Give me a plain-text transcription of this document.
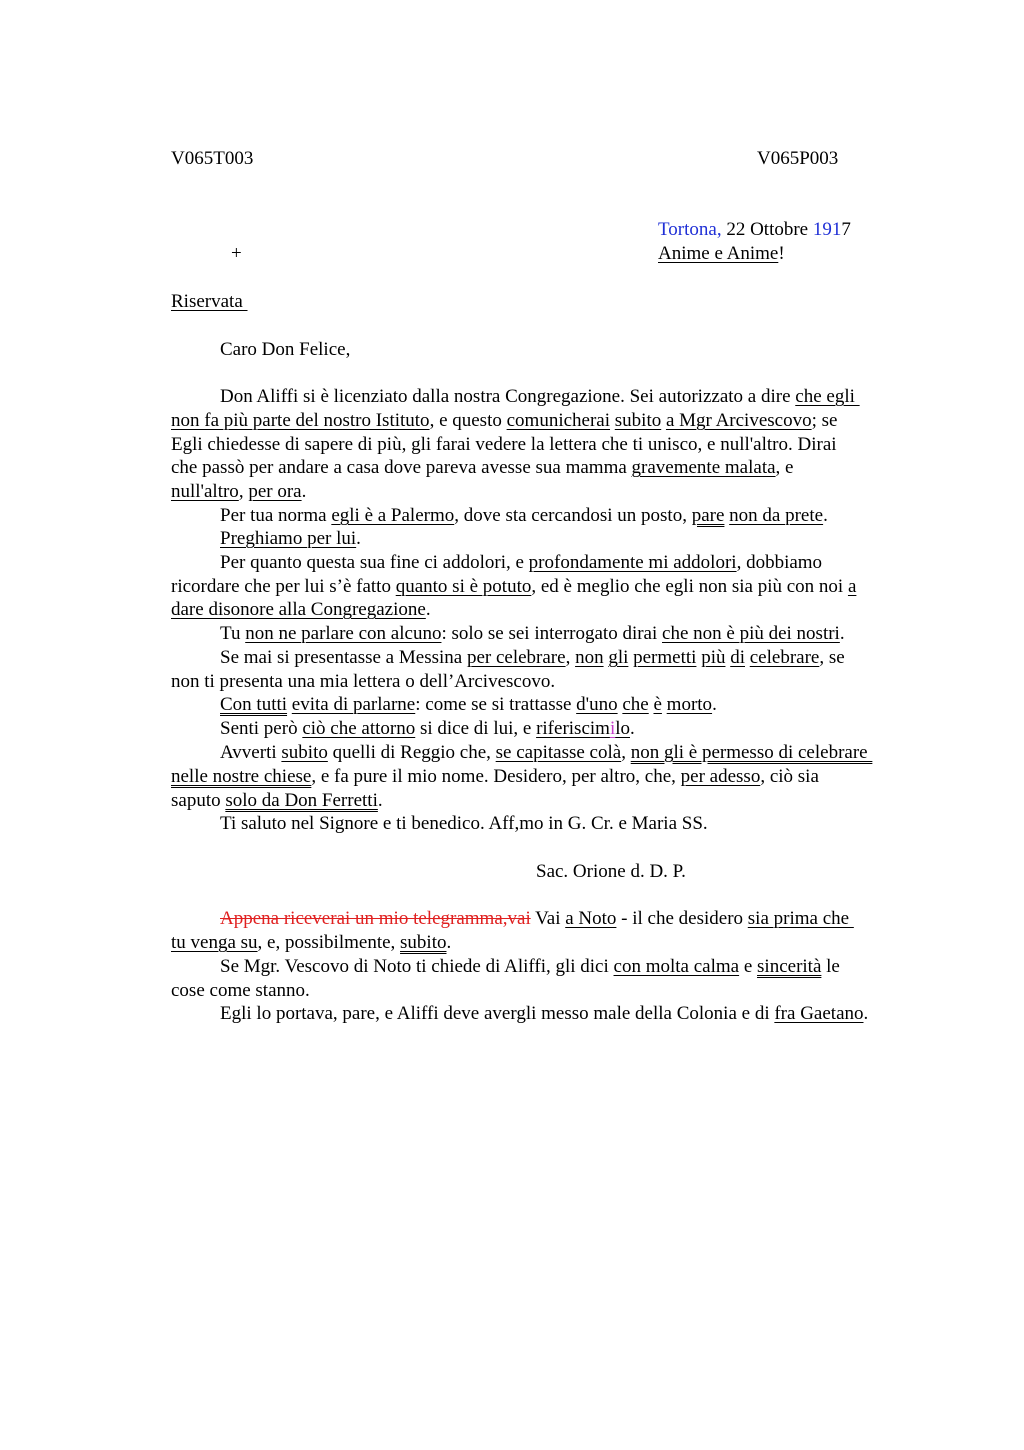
V065T003	V065P003
Tortona, 22 Ottobre 1917
+	Anime e Anime!
Riservata
Caro Don Felice,
Don Aliffi si è licenziato dalla nostra Congregazione. Sei autorizzato a dire che egli
non fa più parte del nostro Istituto, e questo comunicherai subito a Mgr Arcivescovo; se
Egli chiedesse di sapere di più, gli farai vedere la lettera che ti unisco, e null'altro. Dirai
che passò per andare a casa dove pareva avesse sua mamma gravemente malata, e
null'altro, per ora.
Per tua norma egli è a Palermo, dove sta cercandosi un posto, pare non da prete.
Preghiamo per lui.
Per quanto questa sua fine ci addolori, e profondamente mi addolori, dobbiamo
ricordare che per lui s’è fatto quanto si è potuto, ed è meglio che egli non sia più con noi a
dare disonore alla Congregazione.
Tu non ne parlare con alcuno: solo se sei interrogato dirai che non è più dei nostri.
Se mai si presentasse a Messina per celebrare, non gli permetti più di celebrare, se
non ti presenta una mia lettera o dell’Arcivescovo.
Con tutti evita di parlarne: come se si trattasse d'uno che è morto.
Senti però ciò che attorno si dice di lui, e riferiscimilo.
Avverti subito quelli di Reggio che, se capitasse colà, non gli è permesso di celebrare
nelle nostre chiese, e fa pure il mio nome. Desidero, per altro, che, per adesso, ciò sia
saputo solo da Don Ferretti.
Ti saluto nel Signore e ti benedico. Aff,mo in G. Cr. e Maria SS.
Sac. Orione d. D. P.
Appena riceverai un mio telegramma,vai Vai a Noto - il che desidero sia prima che
tu venga su, e, possibilmente, subito.
Se Mgr. Vescovo di Noto ti chiede di Aliffi, gli dici con molta calma e sincerità le
cose come stanno.
Egli lo portava, pare, e Aliffi deve avergli messo male della Colonia e di fra Gaetano.
